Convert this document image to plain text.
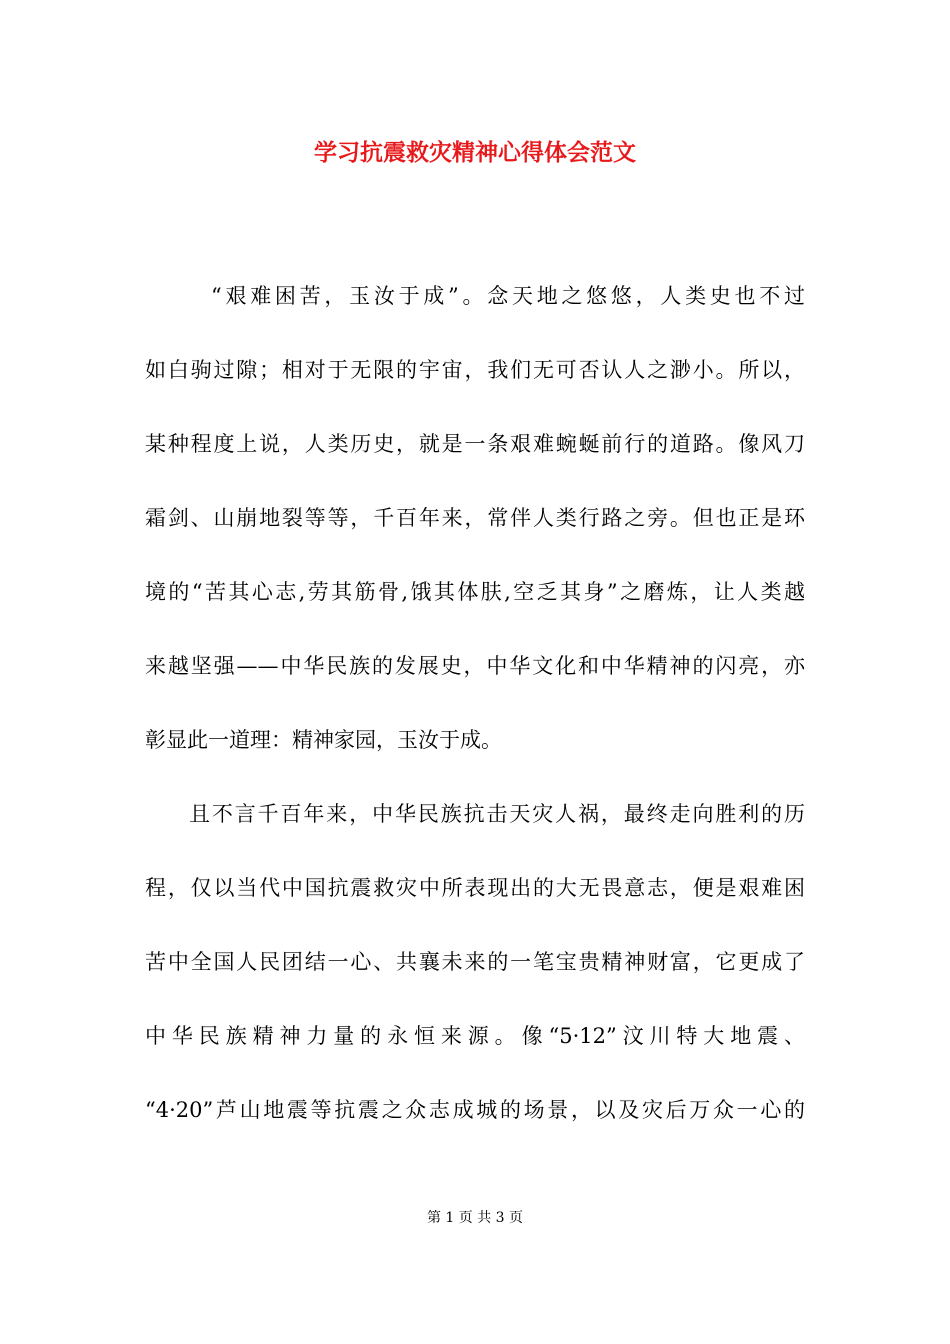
学习抗震救灾精神心得体会范文
“艰难困苦，玉汝于成”。念天地之悠悠，人类史也不过
如白驹过隙；相对于无限的宇宙，我们无可否认人之渺小。所以，
某种程度上说，人类历史，就是一条艰难蜿蜒前行的道路。像风刀
霜剑、山崩地裂等等，千百年来，常伴人类行路之旁。但也正是环
境的“苦其心志,劳其筋骨,饿其体肤,空乏其身”之磨炼，让人类越
来越坚强——中华民族的发展史，中华文化和中华精神的闪亮，亦
彰显此一道理：精神家园，玉汝于成。
且不言千百年来，中华民族抗击天灾人祸，最终走向胜利的历
程，仅以当代中国抗震救灾中所表现出的大无畏意志，便是艰难困
苦中全国人民团结一心、共襄未来的一笔宝贵精神财富，它更成了
中华民族精神力量的永恒来源。像“5·12”汶川特大地震、
“4·20”芦山地震等抗震之众志成城的场景，以及灾后万众一心的
第 1 页 共 3 页
